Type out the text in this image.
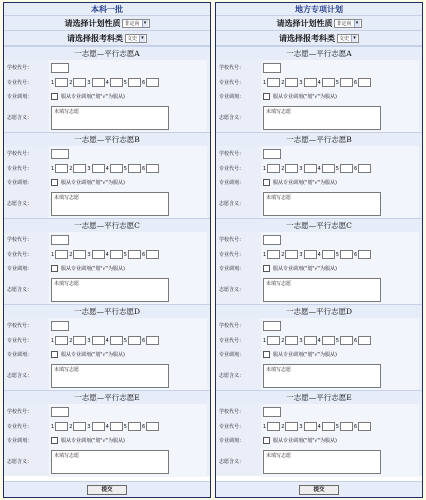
本科一批
请选择计划性质 非定向 ▾
请选择报考科类 文史 ▾
一志愿—平行志愿A
学校代号：
专业代号：	1	2	3	4	5	6
专业调剂：	服从专业调剂("划"√"为服从)
志愿含义：
未填写志愿
一志愿—平行志愿B
学校代号：
专业代号：	1	2	3	4	5	6
专业调剂：	服从专业调剂("划"√"为服从)
志愿含义：
未填写志愿
一志愿—平行志愿C
学校代号：
专业代号：	1	2	3	4	5	6
专业调剂：	服从专业调剂("划"√"为服从)
志愿含义：
未填写志愿
一志愿—平行志愿D
学校代号：
专业代号：	1	2	3	4	5	6
专业调剂：	服从专业调剂("划"√"为服从)
志愿含义：
未填写志愿
一志愿—平行志愿E
学校代号：
专业代号：	1	2	3	4	5	6
专业调剂：	服从专业调剂("划"√"为服从)
志愿含义：
未填写志愿
提交
地方专项计划
请选择计划性质 非定向 ▾
请选择报考科类 文史 ▾
一志愿—平行志愿A
学校代号：
专业代号：	1	2	3	4	5	6
专业调剂：	服从专业调剂("划"√"为服从)
志愿含义：
未填写志愿
一志愿—平行志愿B
学校代号：
专业代号：	1	2	3	4	5	6
专业调剂：	服从专业调剂("划"√"为服从)
志愿含义：
未填写志愿
一志愿—平行志愿C
学校代号：
专业代号：	1	2	3	4	5	6
专业调剂：	服从专业调剂("划"√"为服从)
志愿含义：
未填写志愿
一志愿—平行志愿D
学校代号：
专业代号：	1	2	3	4	5	6
专业调剂：	服从专业调剂("划"√"为服从)
志愿含义：
未填写志愿
一志愿—平行志愿E
学校代号：
专业代号：	1	2	3	4	5	6
专业调剂：	服从专业调剂("划"√"为服从)
志愿含义：
未填写志愿
提交
